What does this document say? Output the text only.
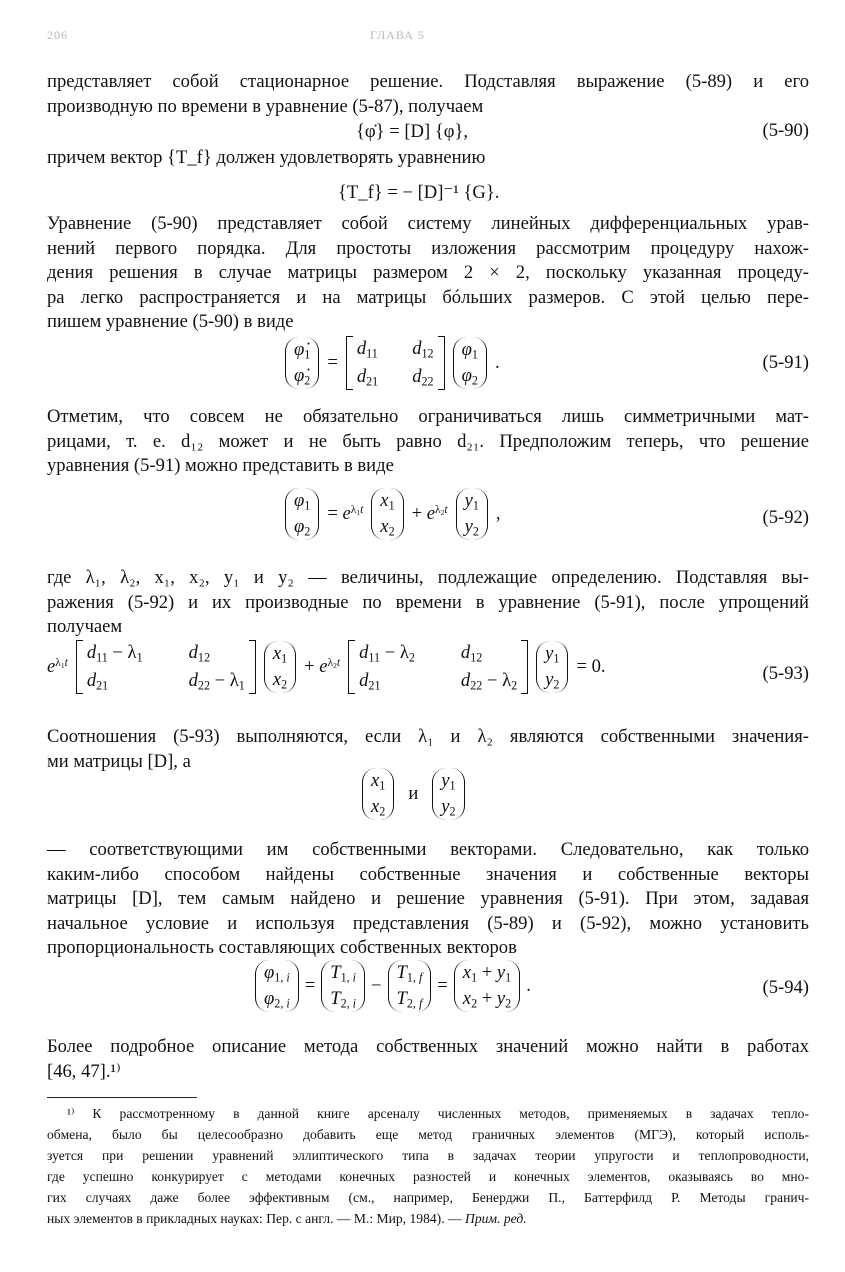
206	ГЛАВА 5
представляет собой стационарное решение. Подставляя выражение (5-89) и его
производную по времени в уравнение (5-87), получаем
{φ̇} = [D] {φ},	(5-90)
причем вектор {T_f} должен удовлетворять уравнению
{T_f} = − [D]⁻¹ {G}.
Уравнение (5-90) представляет собой систему линейных дифференциальных урав-
нений первого порядка. Для простоты изложения рассмотрим процедуру нахож-
дения решения в случае матрицы размером 2 × 2, поскольку указанная процеду-
ра легко распространяется и на матрицы бóльших размеров. С этой целью пере-
пишем уравнение (5-90) в виде
$\varphi̇_1$
$\varphi̇_2$
=
$d_{11}$ $d_{12}$
$d_{21}$ $d_{22}$
$\varphi_1$
$\varphi_2$
.	(5-91)
Отметим, что совсем не обязательно ограничиваться лишь симметричными мат-
рицами, т. е. d₁₂ может и не быть равно d₂₁. Предположим теперь, что решение
уравнения (5-91) можно представить в виде
$\varphi_1$
$\varphi_2$
= $e^{\lambda_1t}$ $x_1$
$x_2$
+ $e^{\lambda_2t}$ $y_1$
$y_2$
,	(5-92)
где λ₁, λ₂, x₁, x₂, y₁ и y₂ — величины, подлежащие определению. Подставляя вы-
ражения (5-92) и их производные по времени в уравнение (5-91), после упрощений
получаем
$e^{\lambda_1t}$ $d_{11} - \lambda_1$ $d_{12}$
$d_{21}$	$d_{22} - \lambda_1$
$x_1$
$x_2$
+ $e^{\lambda_2t}$ $d_{11} - \lambda_2$ $d_{12}$
$d_{21}$	$d_{22} - \lambda_2$
$y_1$
$y_2$
= 0.	(5-93)
Соотношения (5-93) выполняются, если λ₁ и λ₂ являются собственными значения-
ми матрицы [D], а
$x_1$
$x_2$
и
$y_1$
$y_2$
— соответствующими им собственными векторами. Следовательно, как только
каким-либо способом найдены собственные значения и собственные векторы
матрицы [D], тем самым найдено и решение уравнения (5-91). При этом, задавая
начальное условие и используя представления (5-89) и (5-92), можно установить
пропорциональность составляющих собственных векторов
$\varphi_{1, i}$
$\varphi_{2, i}$
=
$T_{1, i}$
$T_{2, i}$
−
$T_{1, f}$
$T_{2, f}$
=
$x_1 + y_1$
$x_2 + y_2$
.	(5-94)
Более подробное описание метода собственных значений можно найти в работах
[46, 47].¹⁾
¹⁾ К рассмотренному в данной книге арсеналу численных методов, применяемых в задачах тепло-
обмена, было бы целесообразно добавить еще метод граничных элементов (МГЭ), который исполь-
зуется при решении уравнений эллиптического типа в задачах теории упругости и теплопроводности,
где успешно конкурирует с методами конечных разностей и конечных элементов, оказываясь во мно-
гих случаях даже более эффективным (см., например, Бенерджи П., Баттерфилд Р. Методы гранич-
ных элементов в прикладных науках: Пер. с англ. — М.: Мир, 1984). — Прим. ред.
